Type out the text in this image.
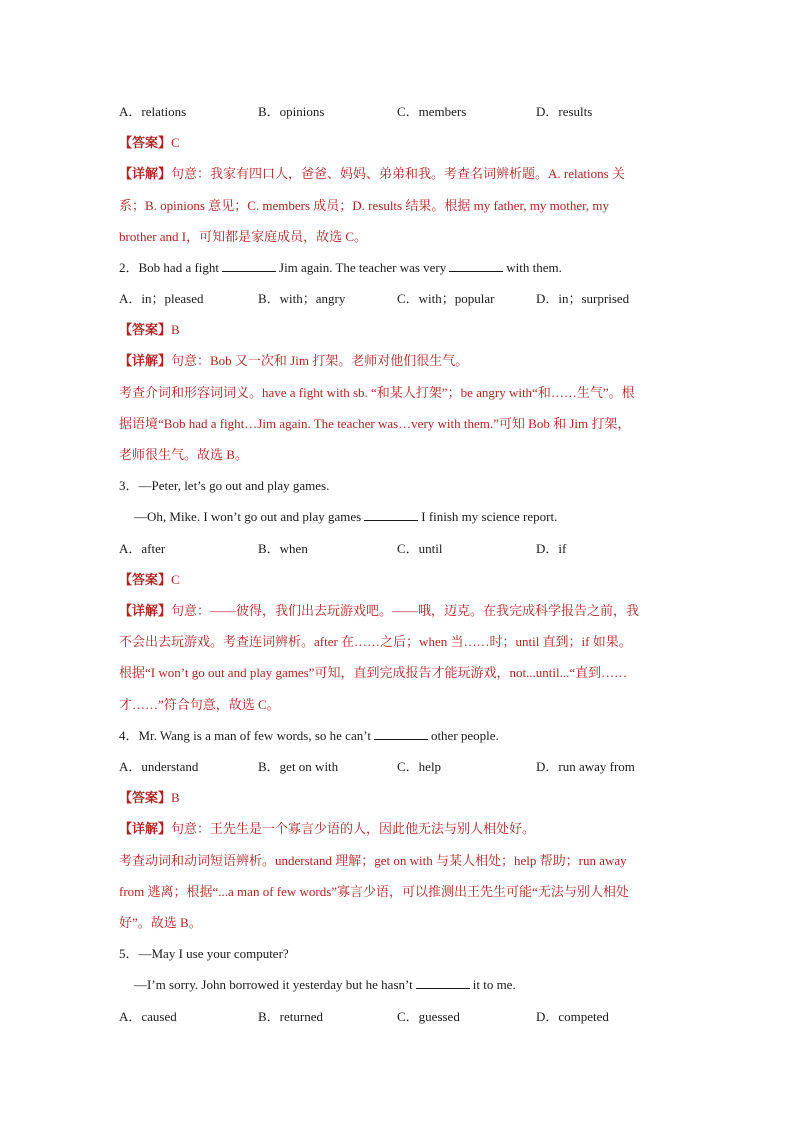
A．relations	B．opinions	C．members	D．results
【答案】C
【详解】句意：我家有四口人，爸爸、妈妈、弟弟和我。考查名词辨析题。A. relations 关
系；B. opinions 意见；C. members 成员；D. results 结果。根据 my father, my mother, my
brother and I，可知都是家庭成员，故选 C。
2．Bob had a fight	Jim again. The teacher was very	with them.
A．in；pleased	B．with；angry	C．with；popular	D．in；surprised
【答案】B
【详解】句意：Bob 又一次和 Jim 打架。老师对他们很生气。
考查介词和形容词词义。have a fight with sb. “和某人打架”；be angry with“和……生气”。根
据语境“Bob had a fight…Jim again. The teacher was…very with them.”可知 Bob 和 Jim 打架，
老师很生气。故选 B。
3．—Peter, let’s go out and play games.
—Oh, Mike. I won’t go out and play games	I finish my science report.
A．after	B．when	C．until	D．if
【答案】C
【详解】句意：——彼得，我们出去玩游戏吧。——哦，迈克。在我完成科学报告之前，我
不会出去玩游戏。考查连词辨析。after 在……之后；when 当……时；until 直到；if 如果。
根据“I won’t go out and play games”可知，直到完成报告才能玩游戏，not...until...“直到……
才……”符合句意，故选 C。
4．Mr. Wang is a man of few words, so he can’t	other people.
A．understand	B．get on with	C．help	D．run away from
【答案】B
【详解】句意：王先生是一个寡言少语的人，因此他无法与别人相处好。
考查动词和动词短语辨析。understand 理解；get on with 与某人相处；help 帮助；run away
from 逃离；根据“...a man of few words”寡言少语，可以推测出王先生可能“无法与别人相处
好”。故选 B。
5．—May I use your computer?
—I’m sorry. John borrowed it yesterday but he hasn’t	it to me.
A．caused	B．returned	C．guessed	D．competed
